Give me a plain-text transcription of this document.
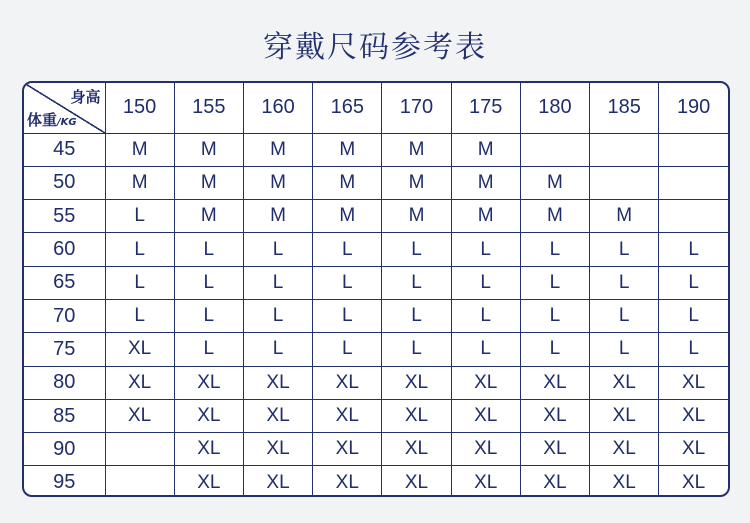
穿戴尺码参考表
身高
体重/KG	150	155	160	165	170	175	180	185	190
45	M	M	M	M	M	M			
50	M	M	M	M	M	M	M		
55	L	M	M	M	M	M	M	M	
60	L	L	L	L	L	L	L	L	L
65	L	L	L	L	L	L	L	L	L
70	L	L	L	L	L	L	L	L	L
75	XL	L	L	L	L	L	L	L	L
80	XL	XL	XL	XL	XL	XL	XL	XL	XL
85	XL	XL	XL	XL	XL	XL	XL	XL	XL
90		XL	XL	XL	XL	XL	XL	XL	XL
95		XL	XL	XL	XL	XL	XL	XL	XL
